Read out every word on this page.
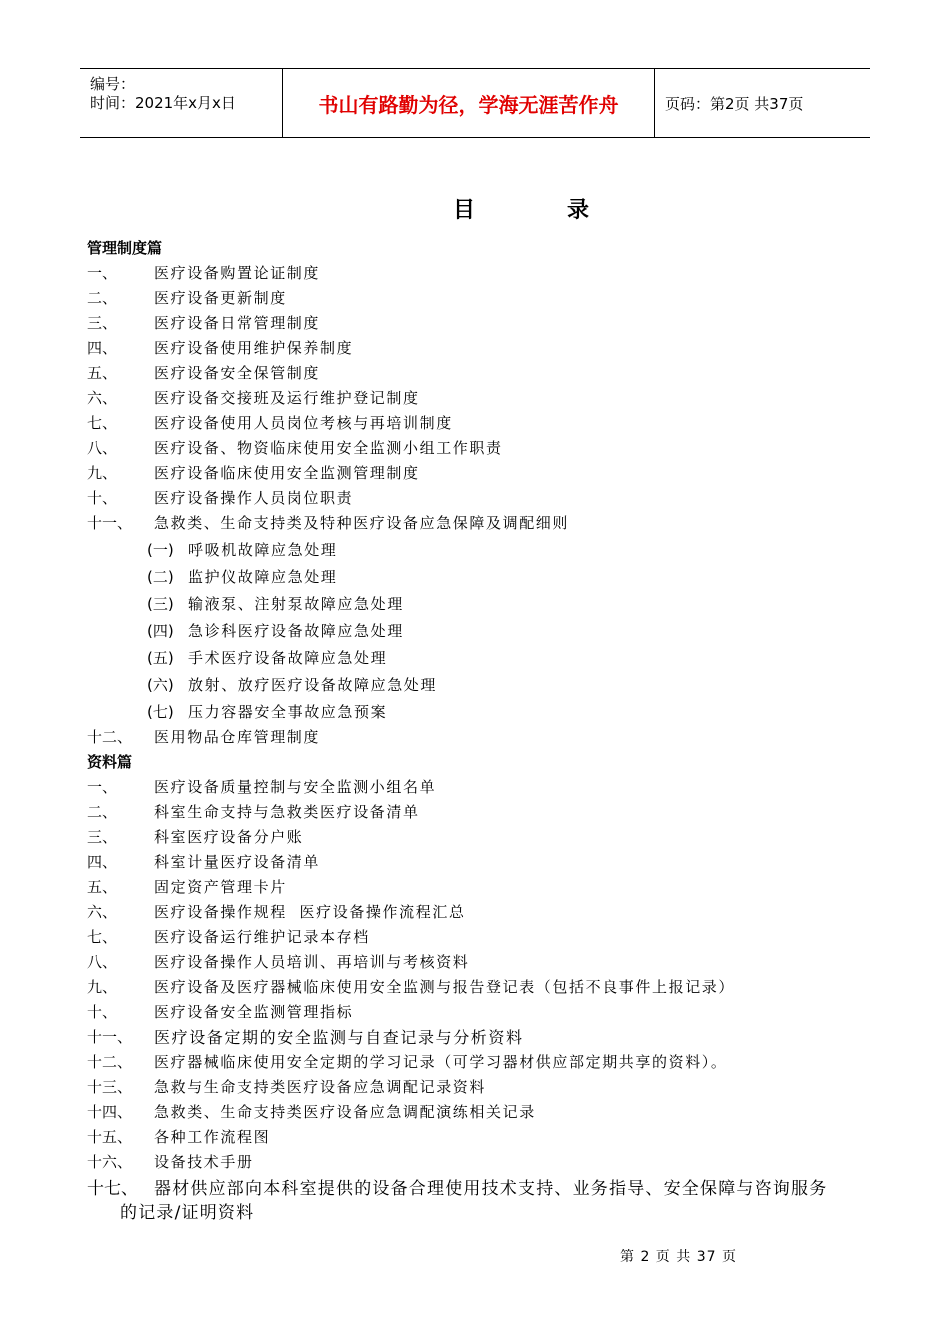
编号：
时间：2021年x月x日	书山有路勤为径，学海无涯苦作舟	页码：第2页 共37页
目录
管理制度篇
一、 医疗设备购置论证制度
二、 医疗设备更新制度
三、 医疗设备日常管理制度
四、 医疗设备使用维护保养制度
五、 医疗设备安全保管制度
六、 医疗设备交接班及运行维护登记制度
七、 医疗设备使用人员岗位考核与再培训制度
八、 医疗设备、物资临床使用安全监测小组工作职责
九、 医疗设备临床使用安全监测管理制度
十、 医疗设备操作人员岗位职责
十一、 急救类、生命支持类及特种医疗设备应急保障及调配细则
(一) 呼吸机故障应急处理
(二) 监护仪故障应急处理
(三) 输液泵、注射泵故障应急处理
(四) 急诊科医疗设备故障应急处理
(五) 手术医疗设备故障应急处理
(六) 放射、放疗医疗设备故障应急处理
(七) 压力容器安全事故应急预案
十二、 医用物品仓库管理制度
资料篇
一、 医疗设备质量控制与安全监测小组名单
二、 科室生命支持与急救类医疗设备清单
三、 科室医疗设备分户账
四、 科室计量医疗设备清单
五、 固定资产管理卡片
六、 医疗设备操作规程  医疗设备操作流程汇总
七、 医疗设备运行维护记录本存档
八、 医疗设备操作人员培训、再培训与考核资料
九、 医疗设备及医疗器械临床使用安全监测与报告登记表（包括不良事件上报记录）
十、 医疗设备安全监测管理指标
十一、 医疗设备定期的安全监测与自查记录与分析资料
十二、 医疗器械临床使用安全定期的学习记录（可学习器材供应部定期共享的资料）。
十三、 急救与生命支持类医疗设备应急调配记录资料
十四、 急救类、生命支持类医疗设备应急调配演练相关记录
十五、 各种工作流程图
十六、 设备技术手册
十七、 器材供应部向本科室提供的设备合理使用技术支持、业务指导、安全保障与咨询服务
的记录/证明资料
第 2 页 共 37 页
